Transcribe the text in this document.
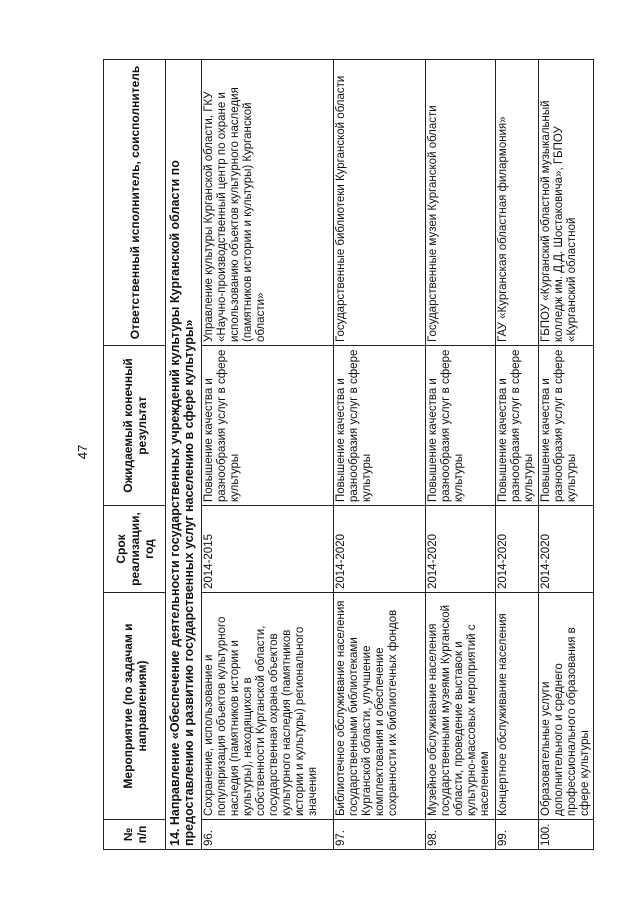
47
№ п/п	Мероприятие (по задачам и направлениям)	Срок реализации, год	Ожидаемый конечный результат	Ответственный исполнитель, соисполнитель
14. Направление «Обеспечение деятельности государственных учреждений культуры Курганской области по предоставлению и развитию государственных услуг населению в сфере культуры»				
96.	Сохранение, использование и популяризация объектов культурного наследия (памятников истории и культуры), находящихся в собственности Курганской области, государственная охрана объектов культурного наследия (памятников истории и культуры) регионального значения	2014-2015	Повышение качества и разнообразия услуг в сфере культуры	Управление культуры Курганской области, ГКУ «Научно-производственный центр по охране и использованию объектов культурного наследия (памятников истории и культуры) Курганской области»
97.	Библиотечное обслуживание населения государственными библиотеками Курганской области, улучшение комплектования и обеспечение сохранности их библиотечных фондов	2014-2020	Повышение качества и разнообразия услуг в сфере культуры	Государственные библиотеки Курганской области
98.	Музейное обслуживание населения государственными музеями Курганской области, проведение выставок и культурно-массовых мероприятий с населением	2014-2020	Повышение качества и разнообразия услуг в сфере культуры	Государственные музеи Курганской области
99.	Концертное обслуживание населения	2014-2020	Повышение качества и разнообразия услуг в сфере культуры	ГАУ «Курганская областная филармония»
100.	Образовательные услуги дополнительного и среднего профессионального образования в сфере культуры	2014-2020	Повышение качества и разнообразия услуг в сфере культуры	ГБПОУ «Курганский областной музыкальный колледж им. Д.Д. Шостаковича», ГБПОУ «Курганский областной
